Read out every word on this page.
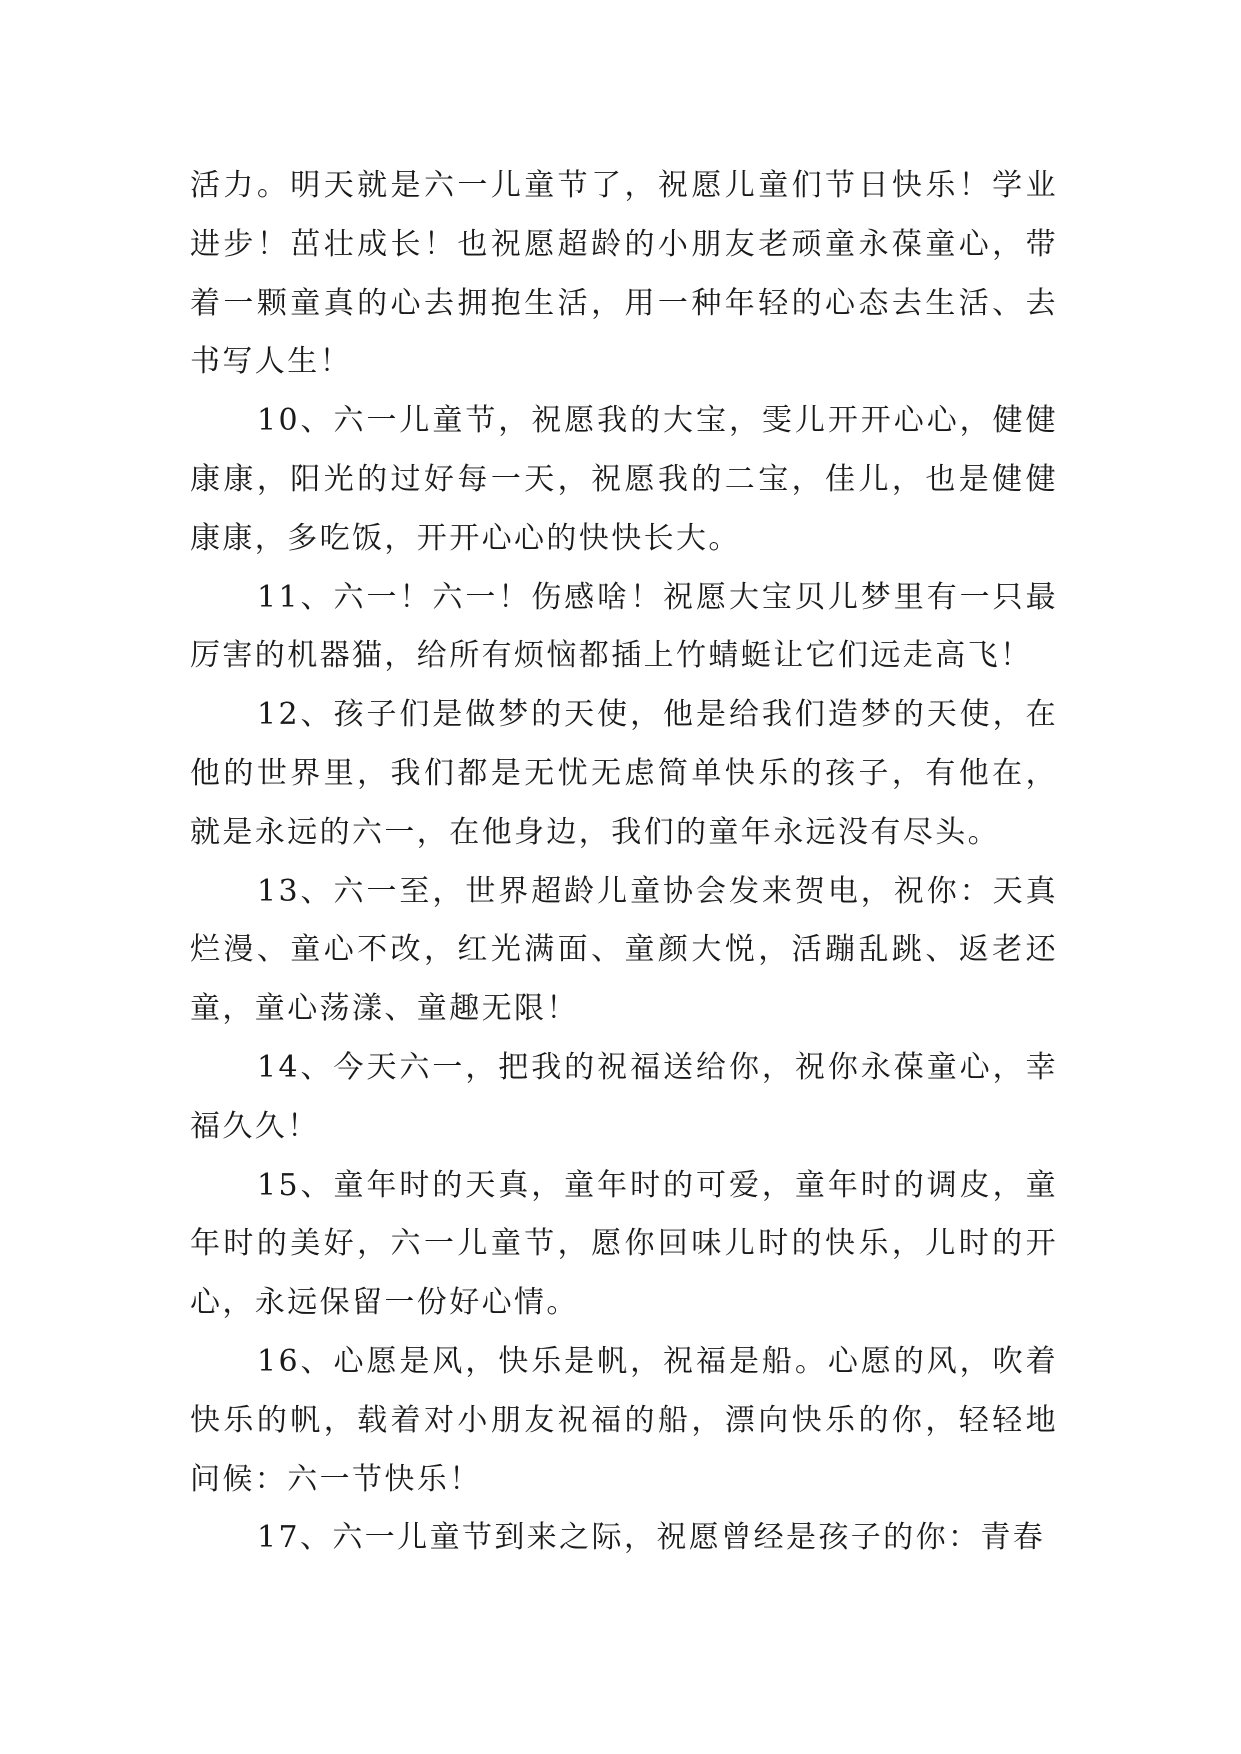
活力。明天就是六一儿童节了，祝愿儿童们节日快乐！学业进步！茁壮成长！也祝愿超龄的小朋友老顽童永葆童心，带着一颗童真的心去拥抱生活，用一种年轻的心态去生活、去书写人生！

10、六一儿童节，祝愿我的大宝，雯儿开开心心，健健康康，阳光的过好每一天，祝愿我的二宝，佳儿，也是健健康康，多吃饭，开开心心的快快长大。

11、六一！六一！伤感啥！祝愿大宝贝儿梦里有一只最厉害的机器猫，给所有烦恼都插上竹蜻蜓让它们远走高飞！

12、孩子们是做梦的天使，他是给我们造梦的天使，在他的世界里，我们都是无忧无虑简单快乐的孩子，有他在，就是永远的六一，在他身边，我们的童年永远没有尽头。

13、六一至，世界超龄儿童协会发来贺电，祝你：天真烂漫、童心不改，红光满面、童颜大悦，活蹦乱跳、返老还童，童心荡漾、童趣无限！

14、今天六一，把我的祝福送给你，祝你永葆童心，幸福久久！

15、童年时的天真，童年时的可爱，童年时的调皮，童年时的美好，六一儿童节，愿你回味儿时的快乐，儿时的开心，永远保留一份好心情。

16、心愿是风，快乐是帆，祝福是船。心愿的风，吹着快乐的帆，载着对小朋友祝福的船，漂向快乐的你，轻轻地问候：六一节快乐！

17、六一儿童节到来之际，祝愿曾经是孩子的你：青春
